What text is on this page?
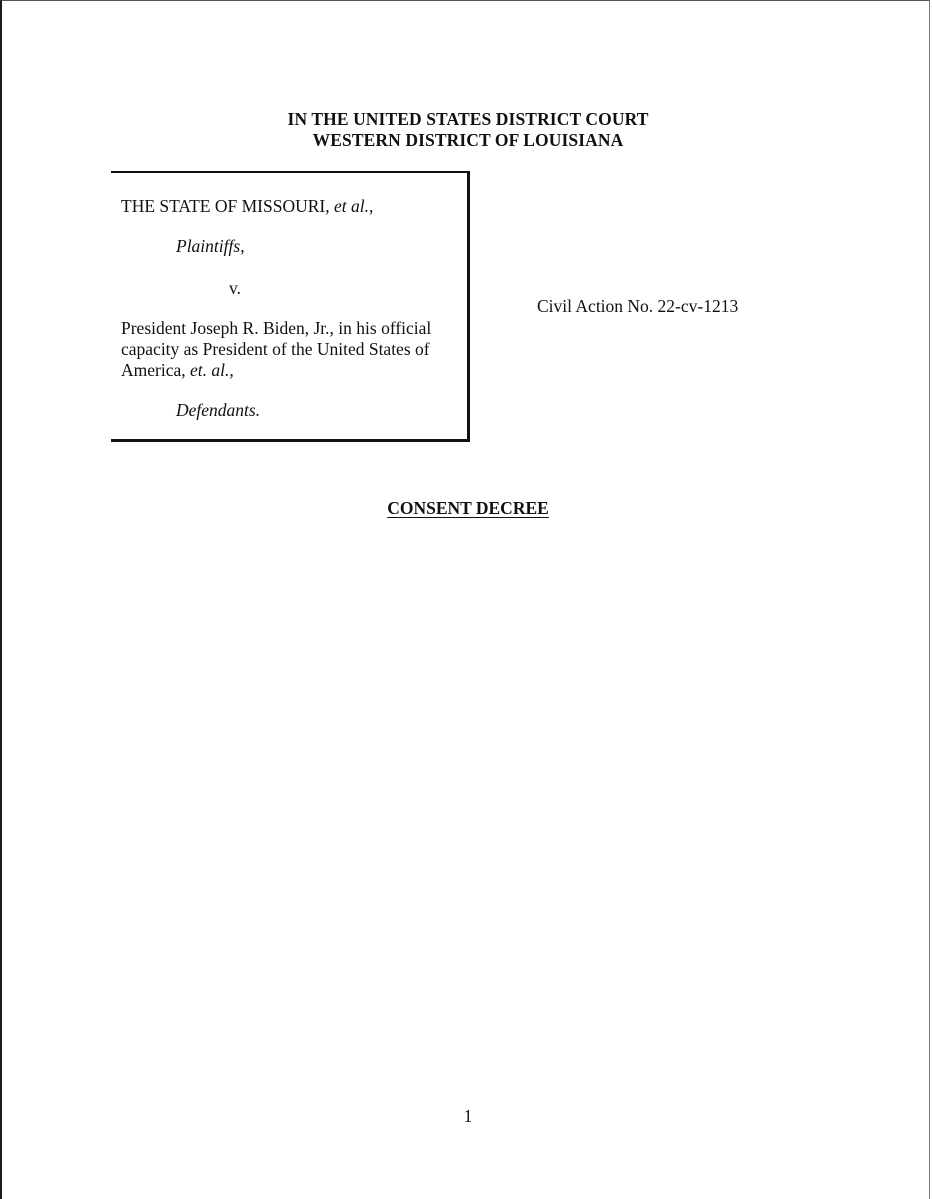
IN THE UNITED STATES DISTRICT COURT
WESTERN DISTRICT OF LOUISIANA
THE STATE OF MISSOURI, et al.,
Plaintiffs,
v.
President Joseph R. Biden, Jr., in his official
capacity as President of the United States of
America, et. al.,
Defendants.
Civil Action No. 22-cv-1213
CONSENT DECREE
1
